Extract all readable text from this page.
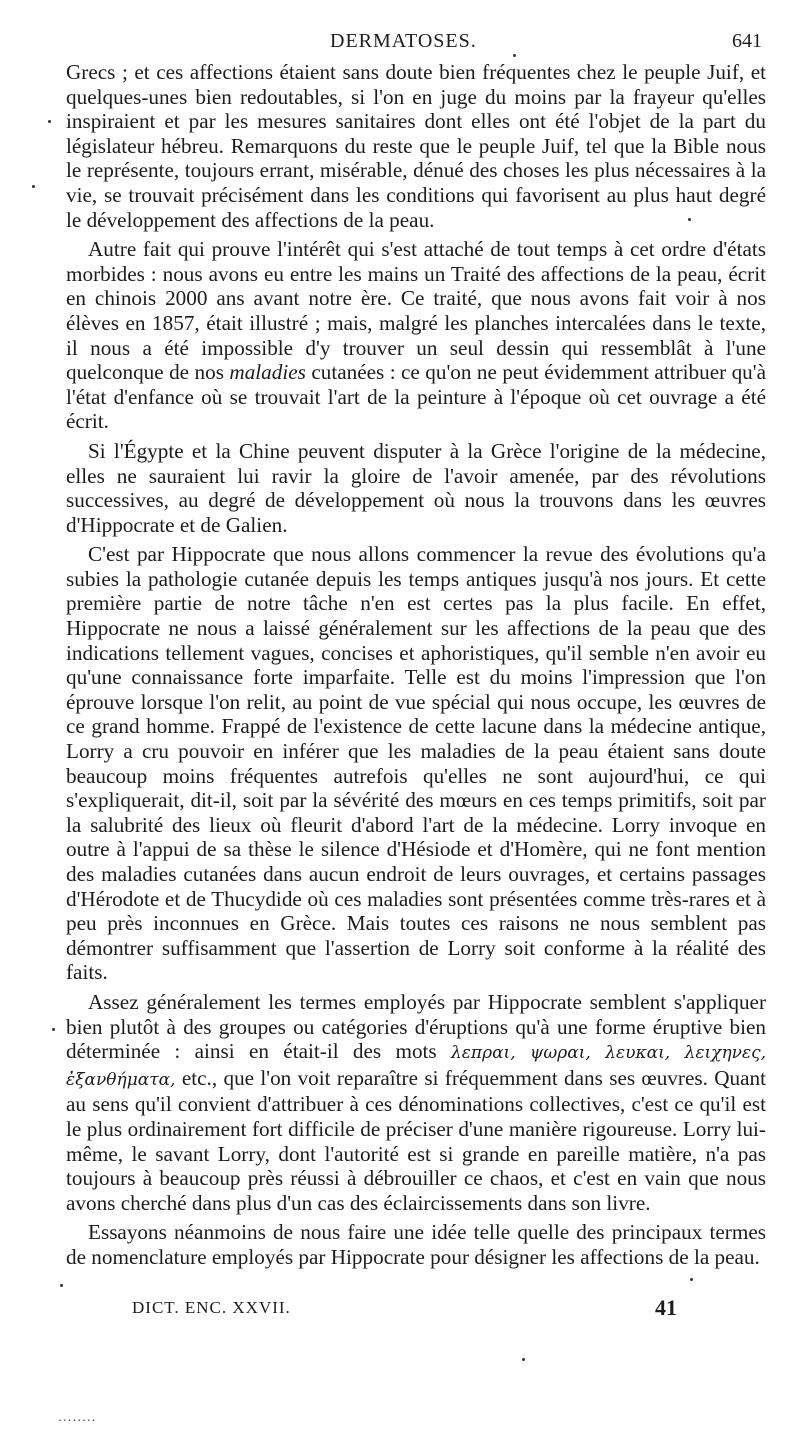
DERMATOSES.	641

Grecs ; et ces affections étaient sans doute bien fréquentes chez le peuple Juif, et quelques-unes bien redoutables, si l'on en juge du moins par la frayeur qu'elles inspiraient et par les mesures sanitaires dont elles ont été l'objet de la part du législateur hébreu. Remarquons du reste que le peuple Juif, tel que la Bible nous le représente, toujours errant, misérable, dénué des choses les plus nécessaires à la vie, se trouvait précisément dans les conditions qui favorisent au plus haut degré le développement des affections de la peau.

Autre fait qui prouve l'intérêt qui s'est attaché de tout temps à cet ordre d'états morbides : nous avons eu entre les mains un Traité des affections de la peau, écrit en chinois 2000 ans avant notre ère. Ce traité, que nous avons fait voir à nos élèves en 1857, était illustré ; mais, malgré les planches intercalées dans le texte, il nous a été impossible d'y trouver un seul dessin qui ressemblât à l'une quelconque de nos maladies cutanées : ce qu'on ne peut évidemment attribuer qu'à l'état d'enfance où se trouvait l'art de la peinture à l'époque où cet ouvrage a été écrit.

Si l'Égypte et la Chine peuvent disputer à la Grèce l'origine de la médecine, elles ne sauraient lui ravir la gloire de l'avoir amenée, par des révolutions successives, au degré de développement où nous la trouvons dans les œuvres d'Hippocrate et de Galien.

C'est par Hippocrate que nous allons commencer la revue des évolutions qu'a subies la pathologie cutanée depuis les temps antiques jusqu'à nos jours. Et cette première partie de notre tâche n'en est certes pas la plus facile. En effet, Hippocrate ne nous a laissé généralement sur les affections de la peau que des indications tellement vagues, concises et aphoristiques, qu'il semble n'en avoir eu qu'une connaissance forte imparfaite. Telle est du moins l'impression que l'on éprouve lorsque l'on relit, au point de vue spécial qui nous occupe, les œuvres de ce grand homme. Frappé de l'existence de cette lacune dans la médecine antique, Lorry a cru pouvoir en inférer que les maladies de la peau étaient sans doute beaucoup moins fréquentes autrefois qu'elles ne sont aujourd'hui, ce qui s'expliquerait, dit-il, soit par la sévérité des mœurs en ces temps primitifs, soit par la salubrité des lieux où fleurit d'abord l'art de la médecine. Lorry invoque en outre à l'appui de sa thèse le silence d'Hésiode et d'Homère, qui ne font mention des maladies cutanées dans aucun endroit de leurs ouvrages, et certains passages d'Hérodote et de Thucydide où ces maladies sont présentées comme très-rares et à peu près inconnues en Grèce. Mais toutes ces raisons ne nous semblent pas démontrer suffisamment que l'assertion de Lorry soit conforme à la réalité des faits.

Assez généralement les termes employés par Hippocrate semblent s'appliquer bien plutôt à des groupes ou catégories d'éruptions qu'à une forme éruptive bien déterminée : ainsi en était-il des mots λεπραι, ψωραι, λευκαι, λειχηνες, ἐξανθήματα, etc., que l'on voit reparaître si fréquemment dans ses œuvres. Quant au sens qu'il convient d'attribuer à ces dénominations collectives, c'est ce qu'il est le plus ordinairement fort difficile de préciser d'une manière rigoureuse. Lorry lui-même, le savant Lorry, dont l'autorité est si grande en pareille matière, n'a pas toujours à beaucoup près réussi à débrouiller ce chaos, et c'est en vain que nous avons cherché dans plus d'un cas des éclaircissements dans son livre.

Essayons néanmoins de nous faire une idée telle quelle des principaux termes de nomenclature employés par Hippocrate pour désigner les affections de la peau.

DICT. ENC. XXVII.	41
........
